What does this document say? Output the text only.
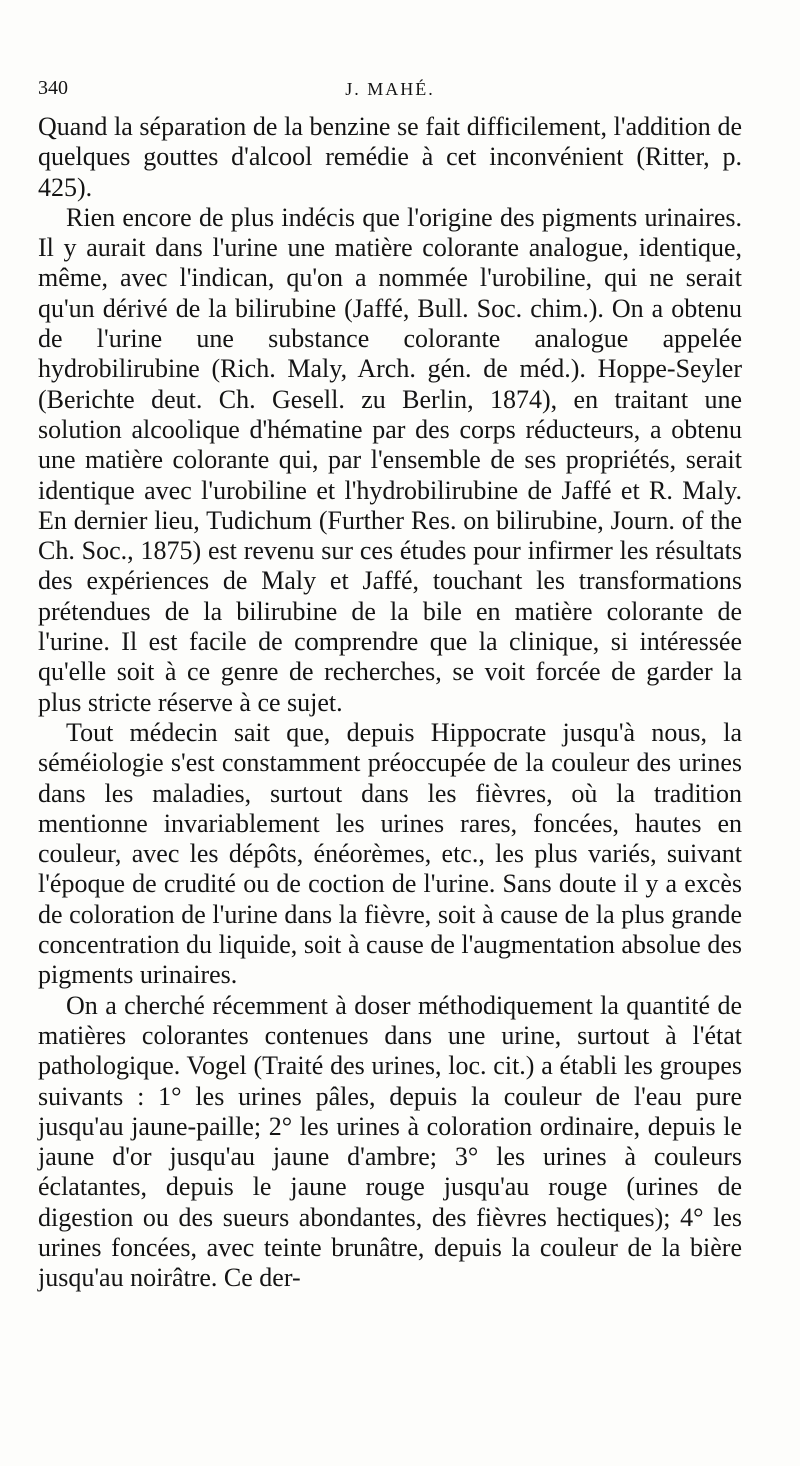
340	J. MAHÉ.

Quand la séparation de la benzine se fait difficilement, l'addition de quelques gouttes d'alcool remédie à cet inconvénient (Ritter, p. 425).

Rien encore de plus indécis que l'origine des pigments urinaires. Il y aurait dans l'urine une matière colorante analogue, identique, même, avec l'indican, qu'on a nommée l'urobiline, qui ne serait qu'un dérivé de la bilirubine (Jaffé, Bull. Soc. chim.). On a obtenu de l'urine une substance colorante analogue appelée hydrobilirubine (Rich. Maly, Arch. gén. de méd.). Hoppe-Seyler (Berichte deut. Ch. Gesell. zu Berlin, 1874), en traitant une solution alcoolique d'hématine par des corps réducteurs, a obtenu une matière colorante qui, par l'ensemble de ses propriétés, serait identique avec l'urobiline et l'hydrobilirubine de Jaffé et R. Maly. En dernier lieu, Tudichum (Further Res. on bilirubine, Journ. of the Ch. Soc., 1875) est revenu sur ces études pour infirmer les résultats des expériences de Maly et Jaffé, touchant les transformations prétendues de la bilirubine de la bile en matière colorante de l'urine. Il est facile de comprendre que la clinique, si intéressée qu'elle soit à ce genre de recherches, se voit forcée de garder la plus stricte réserve à ce sujet.

Tout médecin sait que, depuis Hippocrate jusqu'à nous, la séméiologie s'est constamment préoccupée de la couleur des urines dans les maladies, surtout dans les fièvres, où la tradition mentionne invariablement les urines rares, foncées, hautes en couleur, avec les dépôts, énéorèmes, etc., les plus variés, suivant l'époque de crudité ou de coction de l'urine. Sans doute il y a excès de coloration de l'urine dans la fièvre, soit à cause de la plus grande concentration du liquide, soit à cause de l'augmentation absolue des pigments urinaires.

On a cherché récemment à doser méthodiquement la quantité de matières colorantes contenues dans une urine, surtout à l'état pathologique. Vogel (Traité des urines, loc. cit.) a établi les groupes suivants : 1° les urines pâles, depuis la couleur de l'eau pure jusqu'au jaune-paille; 2° les urines à coloration ordinaire, depuis le jaune d'or jusqu'au jaune d'ambre; 3° les urines à couleurs éclatantes, depuis le jaune rouge jusqu'au rouge (urines de digestion ou des sueurs abondantes, des fièvres hectiques); 4° les urines foncées, avec teinte brunâtre, depuis la couleur de la bière jusqu'au noirâtre. Ce der-
